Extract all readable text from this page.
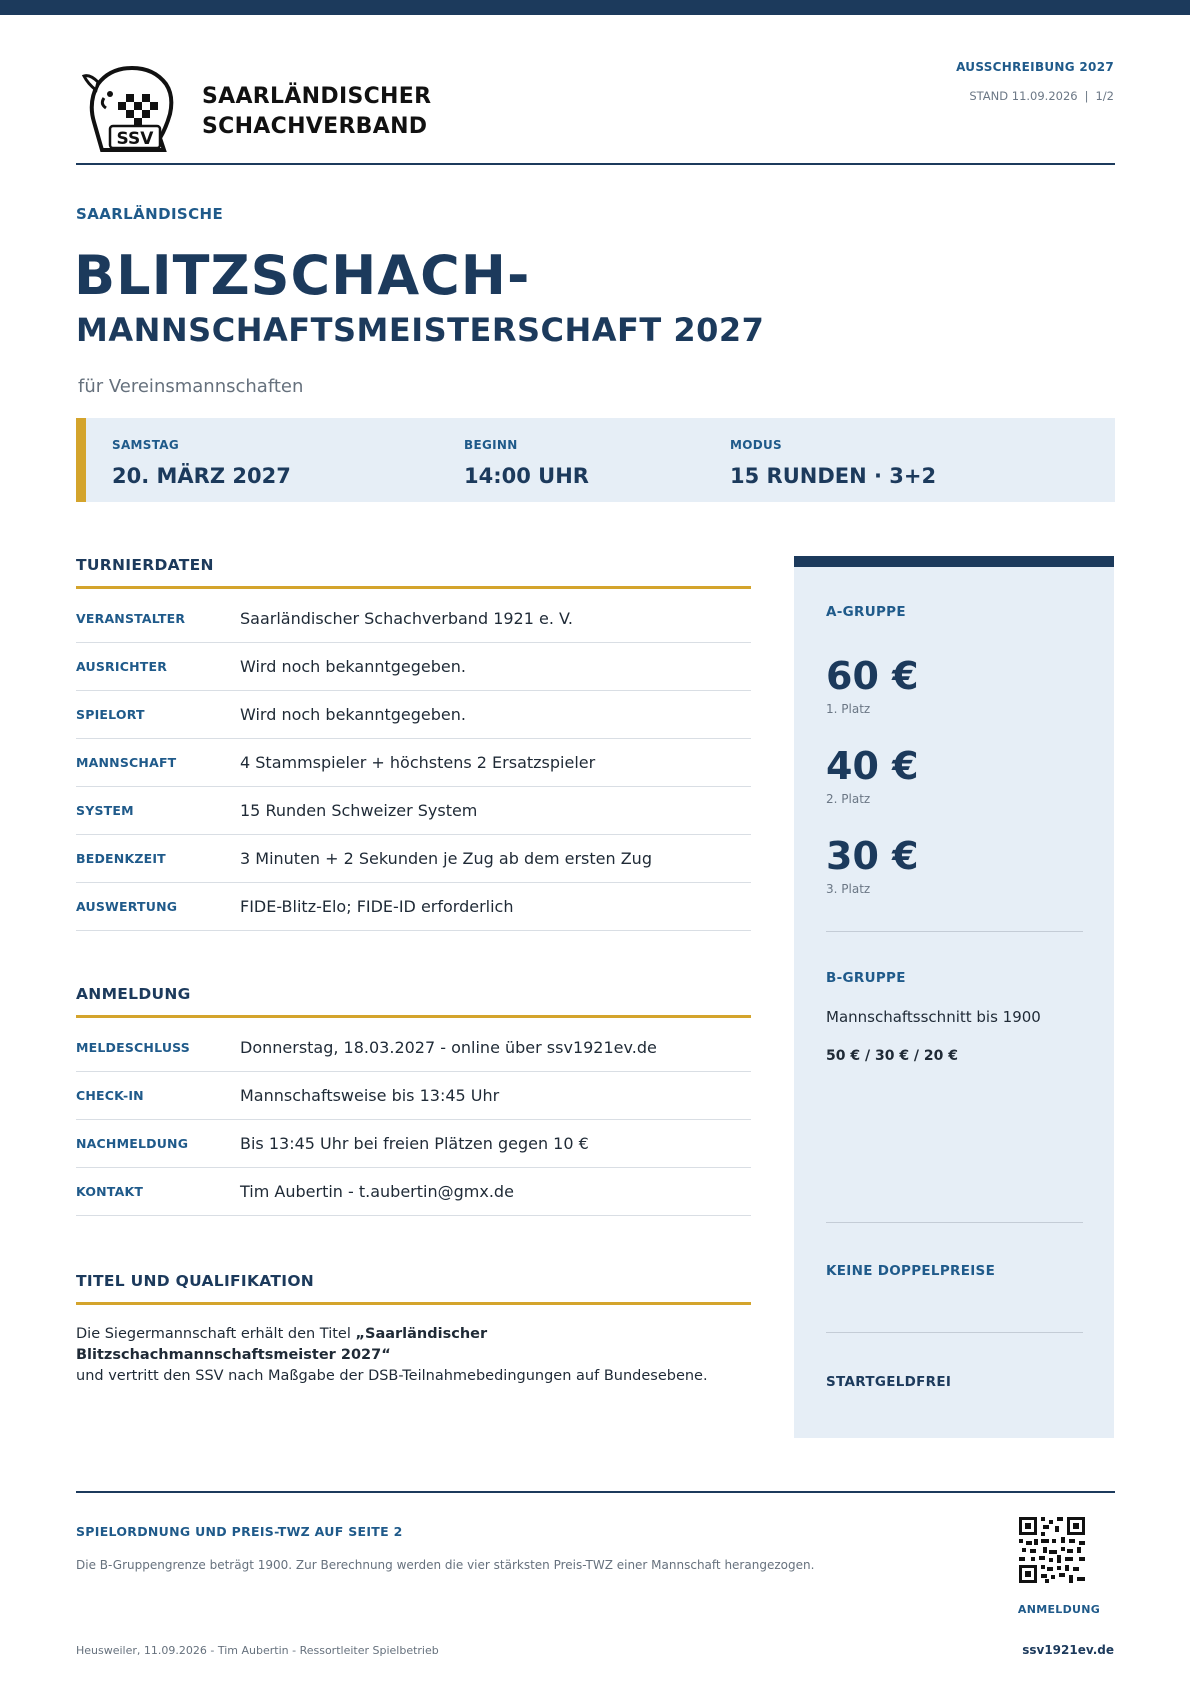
SSV
SAARLÄNDISCHER
SCHACHVERBAND
AUSSCHREIBUNG 2027
STAND 11.09.2026 | 1/2
SAARLÄNDISCHE
BLITZSCHACH-
MANNSCHAFTSMEISTERSCHAFT 2027
für Vereinsmannschaften
SAMSTAG
20. MÄRZ 2027
BEGINN
14:00 UHR
MODUS
15 RUNDEN · 3+2
TURNIERDATEN
VERANSTALTER	Saarländischer Schachverband 1921 e. V.
AUSRICHTER	Wird noch bekanntgegeben.
SPIELORT	Wird noch bekanntgegeben.
MANNSCHAFT	4 Stammspieler + höchstens 2 Ersatzspieler
SYSTEM	15 Runden Schweizer System
BEDENKZEIT	3 Minuten + 2 Sekunden je Zug ab dem ersten Zug
AUSWERTUNG	FIDE-Blitz-Elo; FIDE-ID erforderlich
ANMELDUNG
MELDESCHLUSS	Donnerstag, 18.03.2027 - online über ssv1921ev.de
CHECK-IN	Mannschaftsweise bis 13:45 Uhr
NACHMELDUNG	Bis 13:45 Uhr bei freien Plätzen gegen 10 €
KONTAKT	Tim Aubertin - t.aubertin@gmx.de
TITEL UND QUALIFIKATION
Die Siegermannschaft erhält den Titel „Saarländischer Blitzschachmannschaftsmeister 2027“
und vertritt den SSV nach Maßgabe der DSB-Teilnahmebedingungen auf Bundesebene.
A-GRUPPE
60 €
1. Platz
40 €
2. Platz
30 €
3. Platz
B-GRUPPE
Mannschaftsschnitt bis 1900
50 € / 30 € / 20 €
KEINE DOPPELPREISE
STARTGELDFREI
SPIELORDNUNG UND PREIS-TWZ AUF SEITE 2
Die B-Gruppengrenze beträgt 1900. Zur Berechnung werden die vier stärksten Preis-TWZ einer Mannschaft herangezogen.
ANMELDUNG
Heusweiler, 11.09.2026 - Tim Aubertin - Ressortleiter Spielbetrieb	ssv1921ev.de
